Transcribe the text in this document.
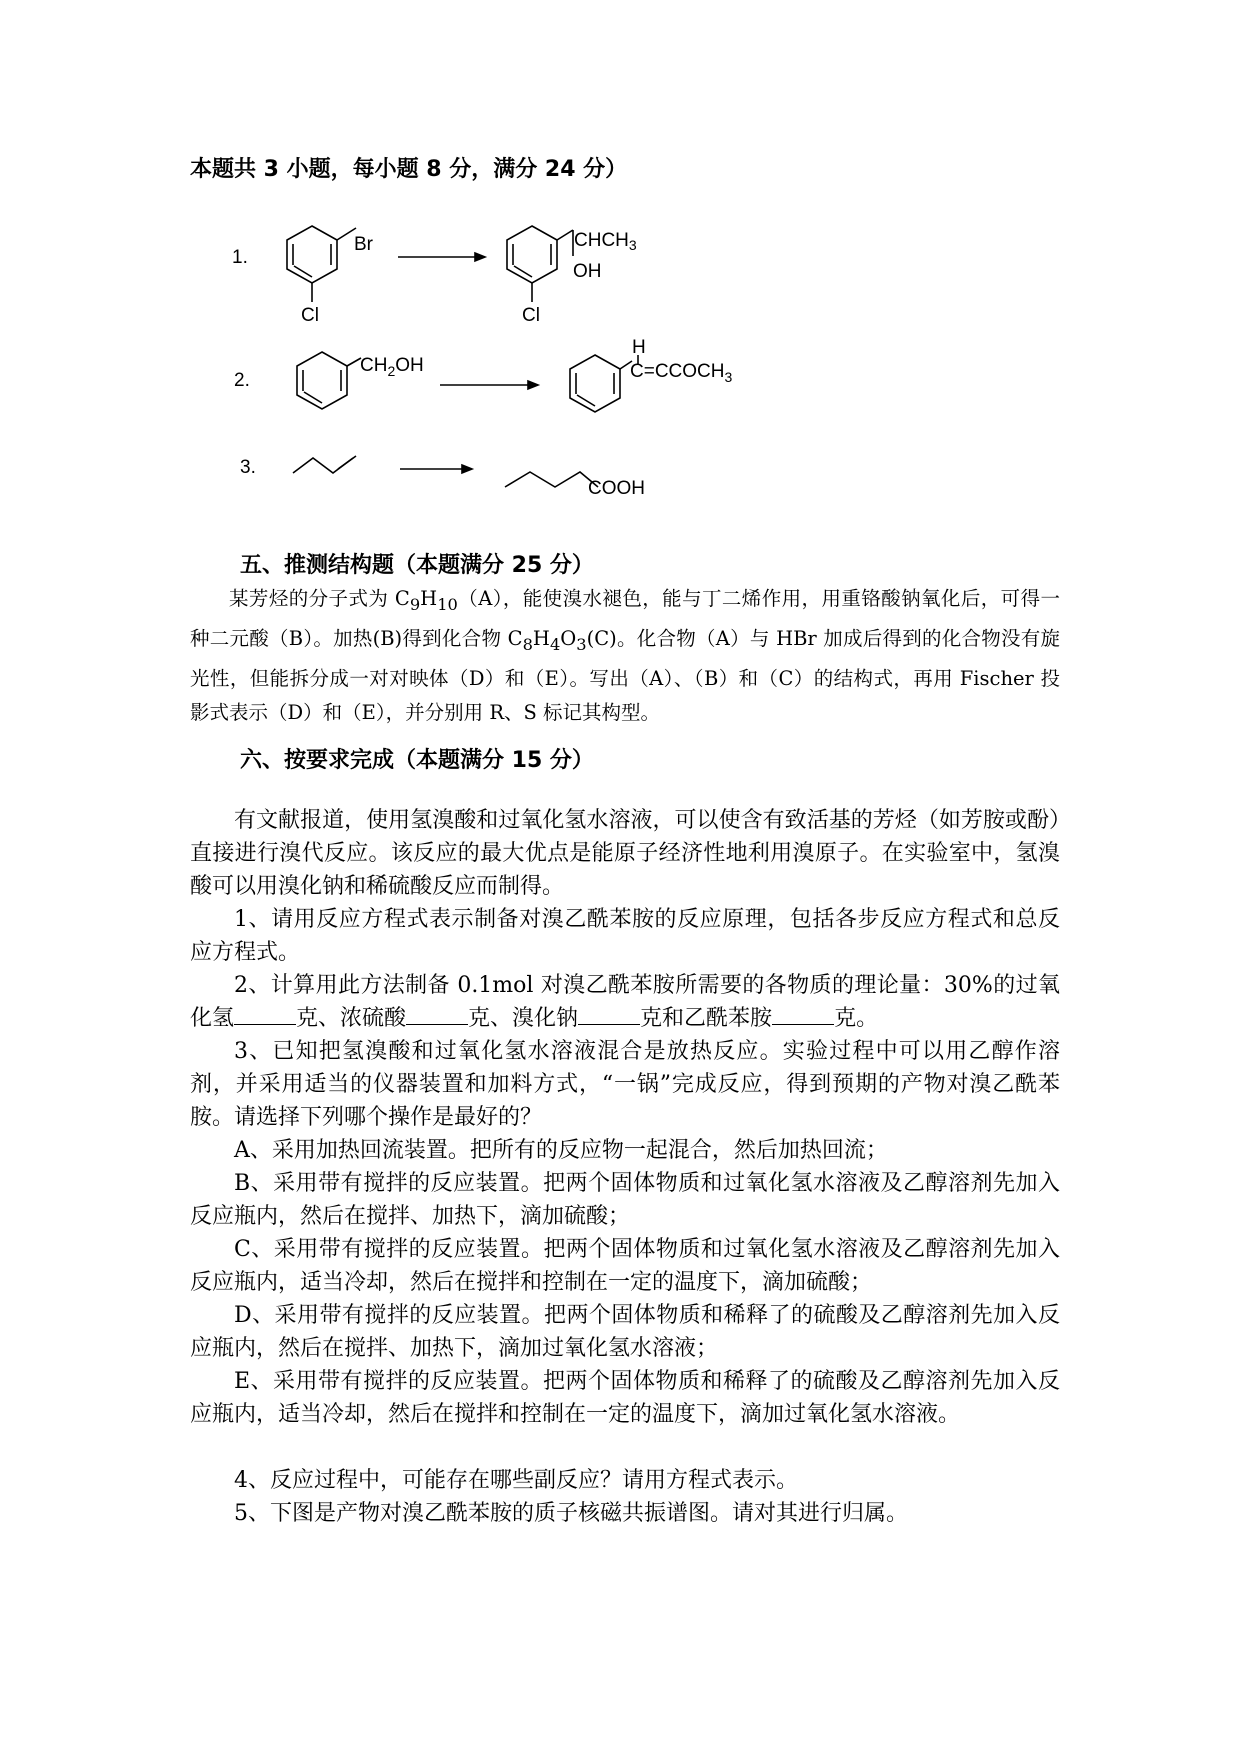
本题共 3 小题，每小题 8 分，满分 24 分）
1.
2.
3.
Br
Cl
$CHCH_3$
OH
Cl
$CH_2OH$
H
$C=CCOCH_3$
COOH
五、推测结构题（本题满分 25 分）
某芳烃的分子式为 $C_9H_{10}(A)$，能使溴水褪色，能与丁二烯作用，用重铬酸钠氧化后，可得一种二元酸（B）。加热(B)得到化合物 $C_8H_4O_3(C)$。化合物（A）与 HBr 加成后得到的化合物没有旋光性，但能拆分成一对对映体（D）和（E）。写出（A）、（B）和（C）的结构式，再用 Fischer 投影式表示（D）和（E），并分别用 R、S 标记其构型。
六、按要求完成（本题满分 15 分）
有文献报道，使用氢溴酸和过氧化氢水溶液，可以使含有致活基的芳烃（如芳胺或酚）直接进行溴代反应。该反应的最大优点是能原子经济性地利用溴原子。在实验室中，氢溴酸可以用溴化钠和稀硫酸反应而制得。
1、请用反应方程式表示制备对溴乙酰苯胺的反应原理，包括各步反应方程式和总反应方程式。
2、计算用此方法制备 0.1mol 对溴乙酰苯胺所需要的各物质的理论量：30%的过氧化氢	克、浓硫酸	克、溴化钠	克和乙酰苯胺	克。
3、已知把氢溴酸和过氧化氢水溶液混合是放热反应。实验过程中可以用乙醇作溶剂，并采用适当的仪器装置和加料方式，“一锅”完成反应，得到预期的产物对溴乙酰苯胺。请选择下列哪个操作是最好的？
A、采用加热回流装置。把所有的反应物一起混合，然后加热回流；
B、采用带有搅拌的反应装置。把两个固体物质和过氧化氢水溶液及乙醇溶剂先加入反应瓶内，然后在搅拌、加热下，滴加硫酸；
C、采用带有搅拌的反应装置。把两个固体物质和过氧化氢水溶液及乙醇溶剂先加入反应瓶内，适当冷却，然后在搅拌和控制在一定的温度下，滴加硫酸；
D、采用带有搅拌的反应装置。把两个固体物质和稀释了的硫酸及乙醇溶剂先加入反应瓶内，然后在搅拌、加热下，滴加过氧化氢水溶液；
E、采用带有搅拌的反应装置。把两个固体物质和稀释了的硫酸及乙醇溶剂先加入反应瓶内，适当冷却，然后在搅拌和控制在一定的温度下，滴加过氧化氢水溶液。
4、反应过程中，可能存在哪些副反应？请用方程式表示。
5、下图是产物对溴乙酰苯胺的质子核磁共振谱图。请对其进行归属。
